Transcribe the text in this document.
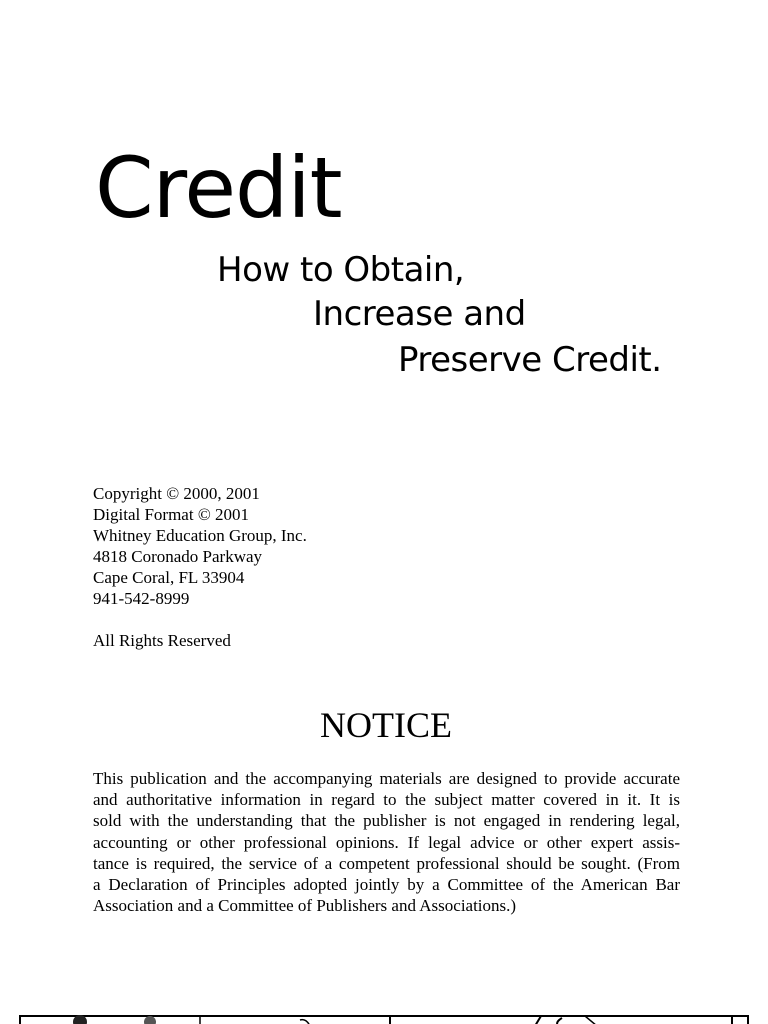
Credit
How to Obtain,
Increase and
Preserve Credit.
Copyright © 2000, 2001
Digital Format © 2001
Whitney Education Group, Inc.
4818 Coronado Parkway
Cape Coral, FL 33904
941-542-8999
All Rights Reserved
NOTICE
This publication and the accompanying materials are designed to provide accurate
and authoritative information in regard to the subject matter covered in it. It is
sold with the understanding that the publisher is not engaged in rendering legal,
accounting or other professional opinions. If legal advice or other expert assis-
tance is required, the service of a competent professional should be sought. (From
a Declaration of Principles adopted jointly by a Committee of the American Bar
Association and a Committee of Publishers and Associations.)
